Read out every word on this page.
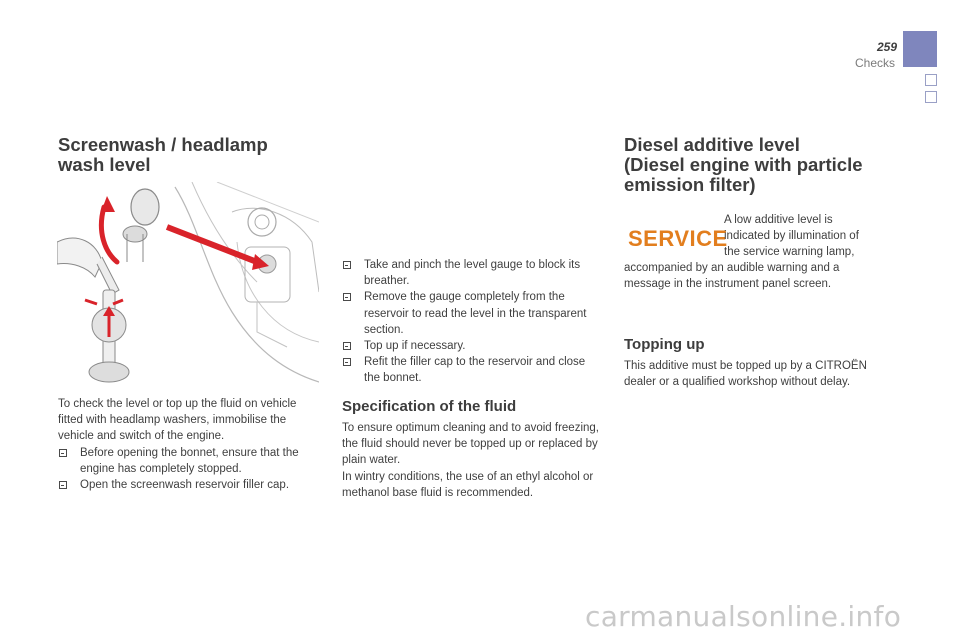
259
Checks
Screenwash / headlamp
wash level
To check the level or top up the fluid on vehicle fitted with headlamp washers, immobilise the vehicle and switch of the engine.
Before opening the bonnet, ensure that the engine has completely stopped.
Open the screenwash reservoir filler cap.
Take and pinch the level gauge to block its breather.
Remove the gauge completely from the reservoir to read the level in the transparent section.
Top up if necessary.
Refit the filler cap to the reservoir and close the bonnet.
Specification of the fluid
To ensure optimum cleaning and to avoid freezing, the fluid should never be topped up or replaced by plain water.
In wintry conditions, the use of an ethyl alcohol or methanol base fluid is recommended.
Diesel additive level
(Diesel engine with particle
emission filter)
SERVICE
A low additive level is
indicated by illumination of
the service warning lamp,
accompanied by an audible warning and a message in the instrument panel screen.
Topping up
This additive must be topped up by a CITROËN dealer or a qualified workshop without delay.
carmanualsonline.info
